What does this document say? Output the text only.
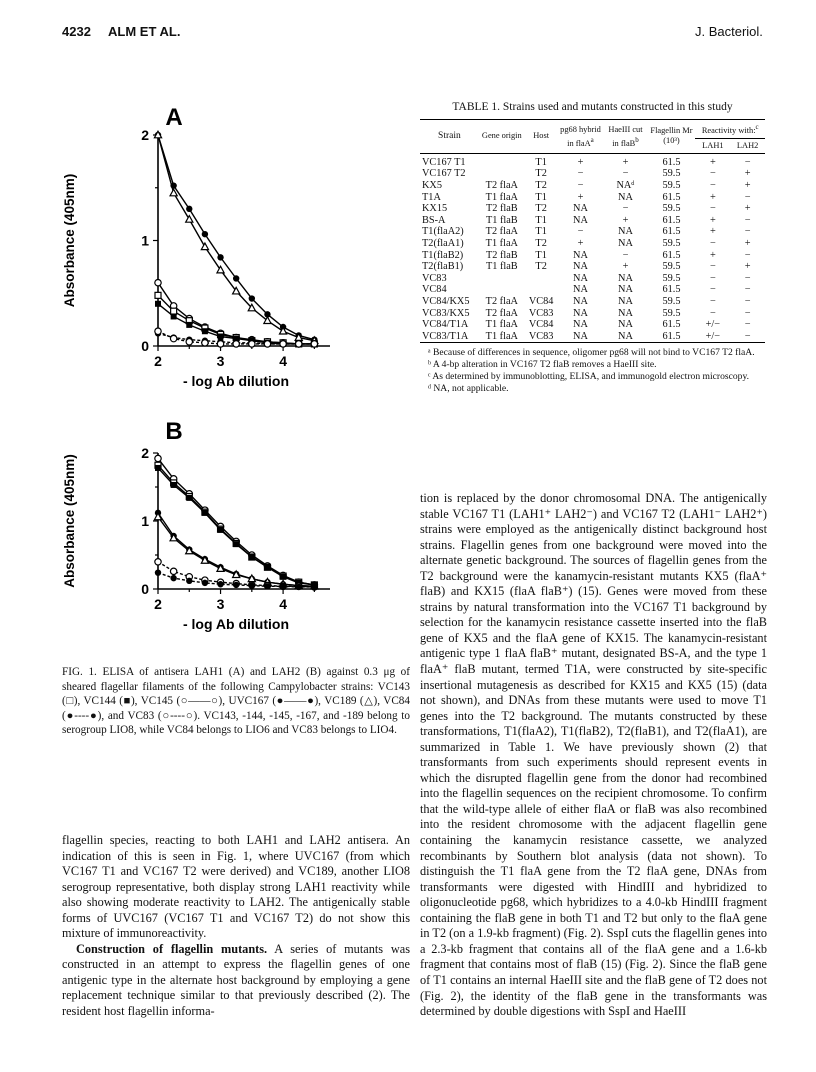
4232 ALM ET AL.	J. Bacteriol.
A
2	3	4
0
1
2
- log Ab dilution
Absorbance (405nm)
B
2	3	4
0
1
2
- log Ab dilution
Absorbance (405nm)
FIG. 1. ELISA of antisera LAH1 (A) and LAH2 (B) against 0.3 μg of sheared flagellar filaments of the following Campylobacter strains: VC143 (□), VC144 (■), VC145 (○——○), UVC167 (●——●), VC189 (△), VC84 (●----●), and VC83 (○----○). VC143, -144, -145, -167, and -189 belong to serogroup LIO8, while VC84 belongs to LIO6 and VC83 belongs to LIO4.

flagellin species, reacting to both LAH1 and LAH2 antisera. An indication of this is seen in Fig. 1, where UVC167 (from which VC167 T1 and VC167 T2 were derived) and VC189, another LIO8 serogroup representative, both display strong LAH1 reactivity while also showing moderate reactivity to LAH2. The antigenically stable forms of UVC167 (VC167 T1 and VC167 T2) do not show this mixture of immunoreactivity.

Construction of flagellin mutants. A series of mutants was constructed in an attempt to express the flagellin genes of one antigenic type in the alternate host background by employing a gene replacement technique similar to that previously described (2). The resident host flagellin informa-

TABLE 1. Strains used and mutants constructed in this study
Strain	Gene origin	Host	pg68 hybrid in flaA$^a$	HaeIII cut in flaB$^b$	Flagellin Mr (10³)	Reactivity with:$^c$
						LAH1	LAH2
VC167 T1		T1	+	+	61.5	+	−
VC167 T2		T2	−	−	59.5	−	+
KX5	T2 flaA	T2	−	NAᵈ	59.5	−	+
T1A	T1 flaA	T1	+	NA	61.5	+	−
KX15	T2 flaB	T2	NA	−	59.5	−	+
BS-A	T1 flaB	T1	NA	+	61.5	+	−
T1(flaA2)	T2 flaA	T1	−	NA	61.5	+	−
T2(flaA1)	T1 flaA	T2	+	NA	59.5	−	+
T1(flaB2)	T2 flaB	T1	NA	−	61.5	+	−
T2(flaB1)	T1 flaB	T2	NA	+	59.5	−	+
VC83			NA	NA	59.5	−	−
VC84			NA	NA	61.5	−	−
VC84/KX5	T2 flaA	VC84	NA	NA	59.5	−	−
VC83/KX5	T2 flaA	VC83	NA	NA	59.5	−	−
VC84/T1A	T1 flaA	VC84	NA	NA	61.5	+/−	−
VC83/T1A	T1 flaA	VC83	NA	NA	61.5	+/−	−
ᵃ Because of differences in sequence, oligomer pg68 will not bind to VC167 T2 flaA.
ᵇ A 4-bp alteration in VC167 T2 flaB removes a HaeIII site.
ᶜ As determined by immunoblotting, ELISA, and immunogold electron microscopy.
ᵈ NA, not applicable.

tion is replaced by the donor chromosomal DNA. The antigenically stable VC167 T1 (LAH1⁺ LAH2⁻) and VC167 T2 (LAH1⁻ LAH2⁺) strains were employed as the antigenically distinct background host strains. Flagellin genes from one background were moved into the alternate genetic background. The sources of flagellin genes from the T2 background were the kanamycin-resistant mutants KX5 (flaA⁺ flaB) and KX15 (flaA flaB⁺) (15). Genes were moved from these strains by natural transformation into the VC167 T1 background by selection for the kanamycin resistance cassette inserted into the flaB gene of KX5 and the flaA gene of KX15. The kanamycin-resistant antigenic type 1 flaA flaB⁺ mutant, designated BS-A, and the type 1 flaA⁺ flaB mutant, termed T1A, were constructed by site-specific insertional mutagenesis as described for KX15 and KX5 (15) (data not shown), and DNAs from these mutants were used to move T1 genes into the T2 background. The mutants constructed by these transformations, T1(flaA2), T1(flaB2), T2(flaB1), and T2(flaA1), are summarized in Table 1. We have previously shown (2) that transformants from such experiments should represent events in which the disrupted flagellin gene from the donor had recombined into the flagellin sequences on the recipient chromosome. To confirm that the wild-type allele of either flaA or flaB was also recombined into the resident chromosome with the adjacent flagellin gene containing the kanamycin resistance cassette, we analyzed recombinants by Southern blot analysis (data not shown). To distinguish the T1 flaA gene from the T2 flaA gene, DNAs from transformants were digested with HindIII and hybridized to oligonucleotide pg68, which hybridizes to a 4.0-kb HindIII fragment containing the flaB gene in both T1 and T2 but only to the flaA gene in T2 (on a 1.9-kb fragment) (Fig. 2). SspI cuts the flagellin genes into a 2.3-kb fragment that contains all of the flaA gene and a 1.6-kb fragment that contains most of flaB (15) (Fig. 2). Since the flaB gene of T1 contains an internal HaeIII site and the flaB gene of T2 does not (Fig. 2), the identity of the flaB gene in the transformants was determined by double digestions with SspI and HaeIII
